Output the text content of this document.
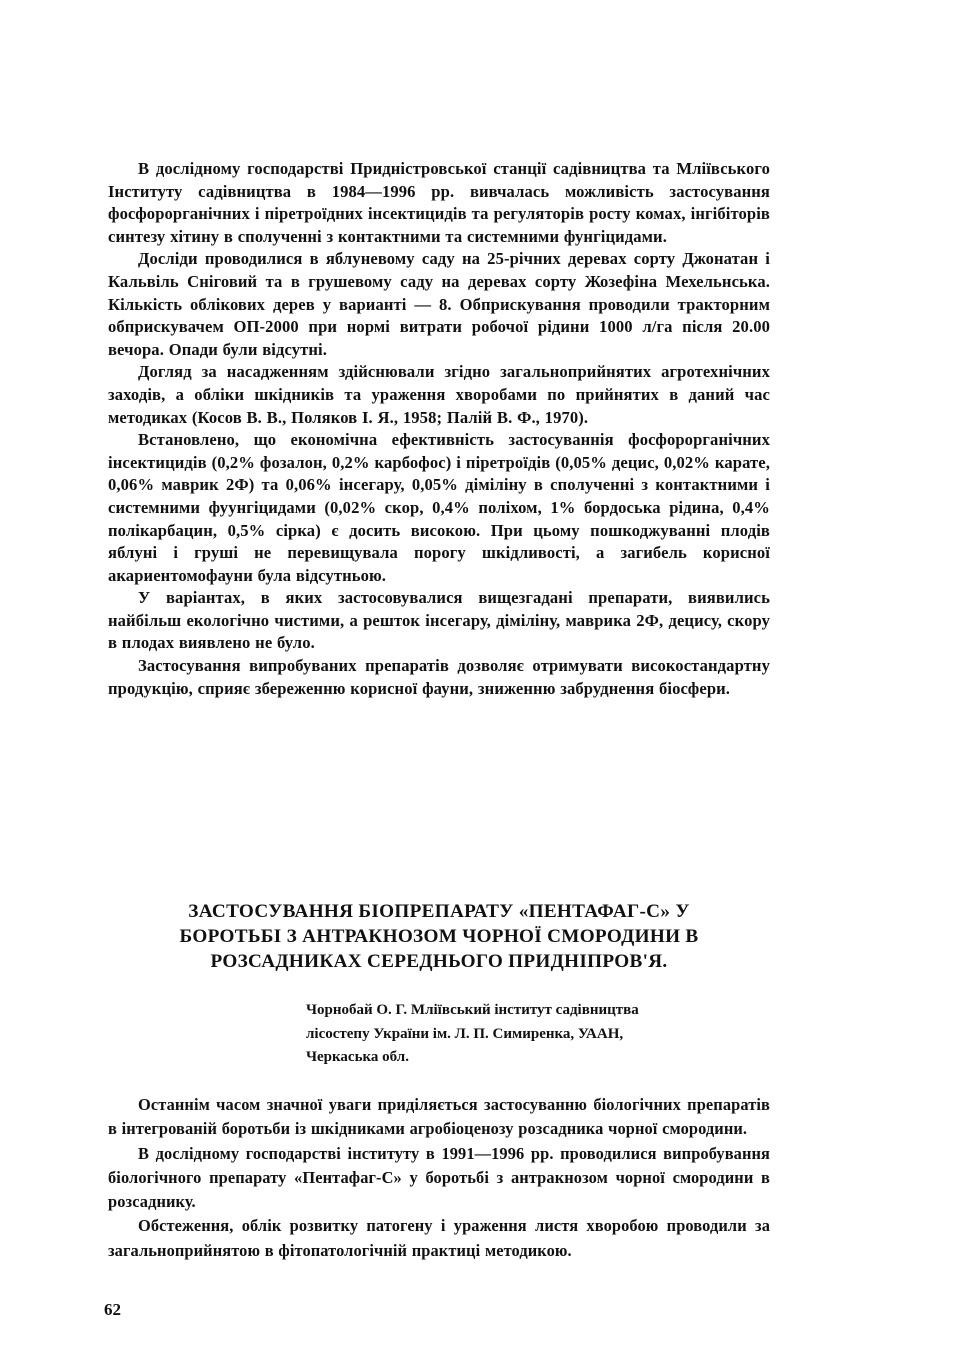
В дослідному господарстві Придністровської станції садівництва та Мліївського Інституту садівництва в 1984—1996 рр. вивчалась можливість застосування фосфорорганічних і піретроїдних інсектицидів та регуляторів росту комах, інгібіторів синтезу хітину в сполученні з контактними та системними фунгіцидами.

Досліди проводилися в яблуневому саду на 25-річних деревах сорту Джонатан і Кальвіль Сніговий та в грушевому саду на деревах сорту Жозефіна Мехельнська. Кількість облікових дерев у варианті — 8. Обприскування проводили тракторним обприскувачем ОП-2000 при нормі витрати робочої рідини 1000 л/га після 20.00 вечора. Опади були відсутні.

Догляд за насадженням здійснювали згідно загальноприйнятих агротехнічних заходів, а обліки шкідників та ураження хворобами по прийнятих в даний час методиках (Косов В. В., Поляков І. Я., 1958; Палій В. Ф., 1970).

Встановлено, що економічна ефективність застосуваннія фосфорорганічних інсектицидів (0,2% фозалон, 0,2% карбофос) і піретроїдів (0,05% децис, 0,02% карате, 0,06% маврик 2Ф) та 0,06% інсегару, 0,05% діміліну в сполученні з контактними і системними фуунгіцидами (0,02% скор, 0,4% поліхом, 1% бордоська рідина, 0,4% полікарбацин, 0,5% сірка) є досить високою. При цьому пошкоджуванні плодів яблуні і груші не перевищувала порогу шкідливості, а загибель корисної акариентомофауни була відсутньою.

У варіантах, в яких застосовувалися вищезгадані препарати, виявились найбільш екологічно чистими, а решток інсегару, діміліну, маврика 2Ф, децису, скору в плодах виявлено не було.

Застосування випробуваних препаратів дозволяє отримувати високостандартну продукцію, сприяє збереженню корисної фауни, зниженню забруднення біосфери.

ЗАСТОСУВАННЯ БІОПРЕПАРАТУ «ПЕНТАФАГ-С» У
БОРОТЬБІ З АНТРАКНОЗОМ ЧОРНОЇ СМОРОДИНИ В
РОЗСАДНИКАХ СЕРЕДНЬОГО ПРИДНІПРОВ'Я.
Чорнобай О. Г. Мліївський інститут садівництва
лісостепу України ім. Л. П. Симиренка, УААН,
Черкаська обл.

Останнім часом значної уваги приділяється застосуванню біологічних препаратів в інтегрованій боротьби із шкідниками агробіоценозу розсадника чорної смородини.

В дослідному господарстві інституту в 1991—1996 рр. проводилися випробування біологічного препарату «Пентафаг-С» у боротьбі з антракнозом чорної смородини в розсаднику.

Обстеження, облік розвитку патогену і ураження листя хворобою проводили за загальноприйнятою в фітопатологічній практиці методикою.

62
